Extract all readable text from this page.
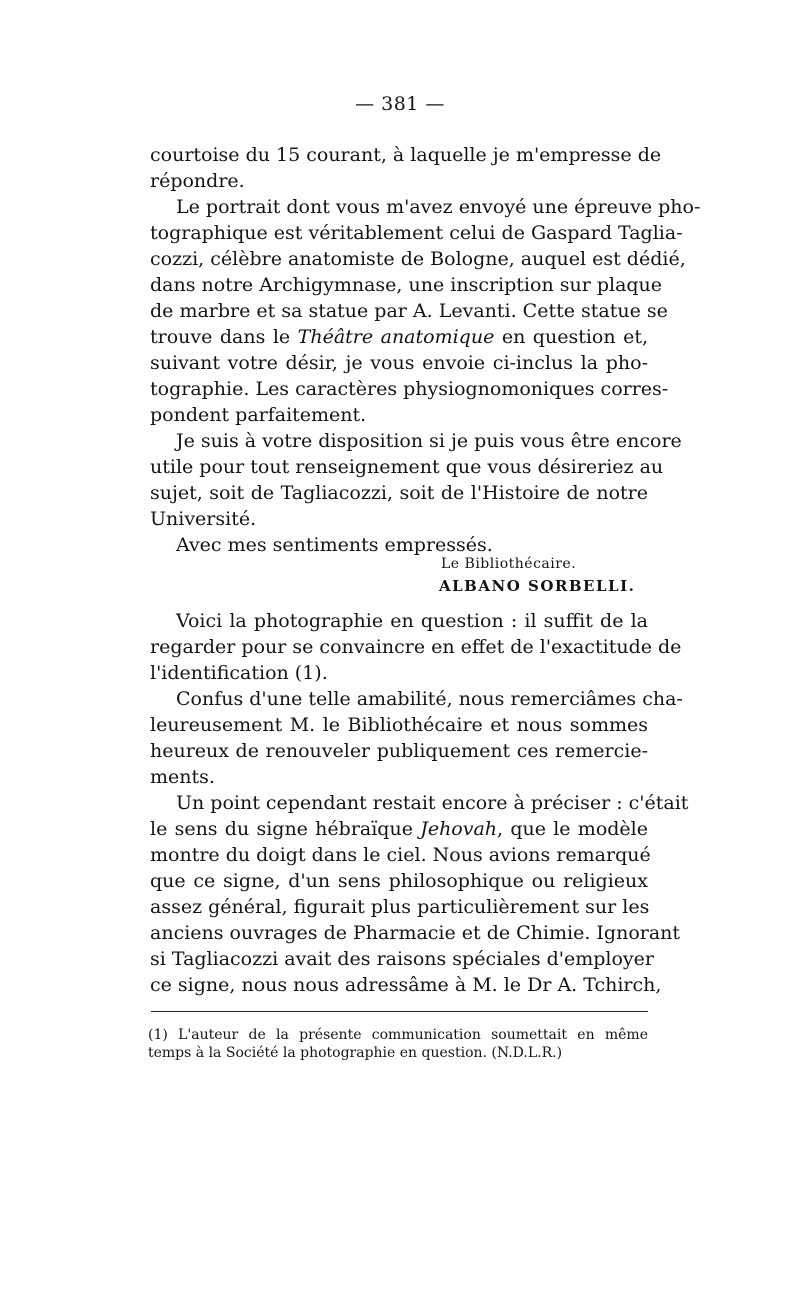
— 381 —
courtoise du 15 courant, à laquelle je m'empresse de
répondre.
Le portrait dont vous m'avez envoyé une épreuve pho-
tographique est véritablement celui de Gaspard Taglia-
cozzi, célèbre anatomiste de Bologne, auquel est dédié,
dans notre Archigymnase, une inscription sur plaque
de marbre et sa statue par A. Levanti. Cette statue se
trouve dans le Théâtre anatomique en question et,
suivant votre désir, je vous envoie ci-inclus la pho-
tographie. Les caractères physiognomoniques corres-
pondent parfaitement.
Je suis à votre disposition si je puis vous être encore
utile pour tout renseignement que vous désireriez au
sujet, soit de Tagliacozzi, soit de l'Histoire de notre
Université.
Avec mes sentiments empressés.
Le Bibliothécaire.
ALBANO SORBELLI.
Voici la photographie en question : il suffit de la
regarder pour se convaincre en effet de l'exactitude de
l'identification (1).
Confus d'une telle amabilité, nous remerciâmes cha-
leureusement M. le Bibliothécaire et nous sommes
heureux de renouveler publiquement ces remercie-
ments.
Un point cependant restait encore à préciser : c'était
le sens du signe hébraïque Jehovah, que le modèle
montre du doigt dans le ciel. Nous avions remarqué
que ce signe, d'un sens philosophique ou religieux
assez général, figurait plus particulièrement sur les
anciens ouvrages de Pharmacie et de Chimie. Ignorant
si Tagliacozzi avait des raisons spéciales d'employer
ce signe, nous nous adressâme à M. le Dr A. Tchirch,
(1) L'auteur de la présente communication soumettait en même
temps à la Société la photographie en question. (N.D.L.R.)
